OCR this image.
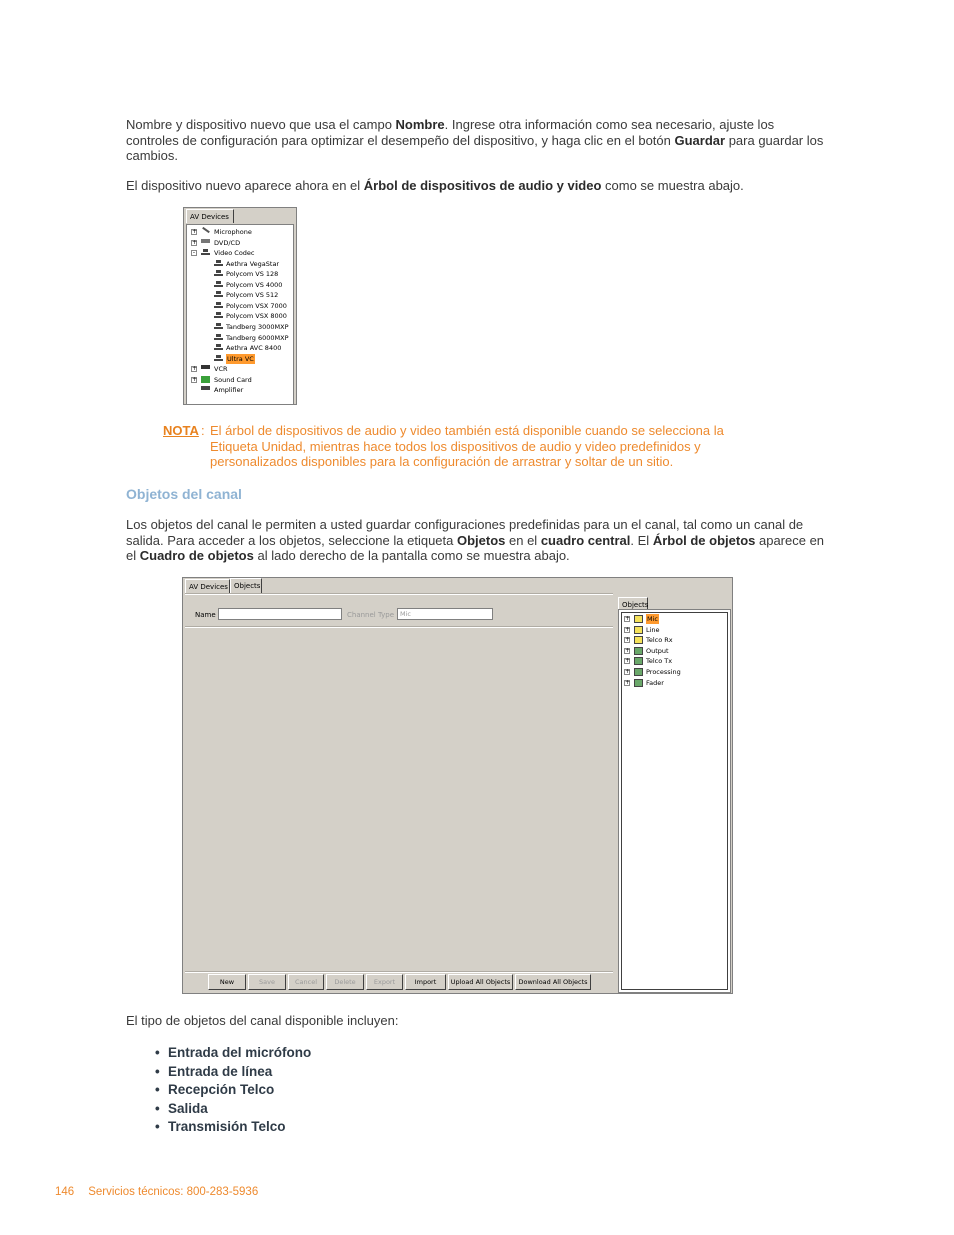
Nombre y dispositivo nuevo que usa el campo Nombre. Ingrese otra información como sea necesario, ajuste los controles de configuración para optimizar el desempeño del dispositivo, y haga clic en el botón Guardar para guardar los cambios.

El dispositivo nuevo aparece ahora en el Árbol de dispositivos de audio y video como se muestra abajo.

AV Devices
+	Microphone
+	DVD/CD
-	Video Codec
Aethra VegaStar
Polycom VS 128
Polycom VS 4000
Polycom VS 512
Polycom VSX 7000
Polycom VSX 8000
Tandberg 3000MXP
Tandberg 6000MXP
Aethra AVC 8400
Ultra VC
+	VCR
+	Sound Card
Amplifier
NOTA : El árbol de dispositivos de audio y video también está disponible cuando se selecciona la Etiqueta Unidad, mientras hace todos los dispositivos de audio y video predefinidos y personalizados disponibles para la configuración de arrastrar y soltar de un sitio.
Objetos del canal

Los objetos del canal le permiten a usted guardar configuraciones predefinidas para un el canal, tal como un canal de salida. Para acceder a los objetos, seleccione la etiqueta Objetos en el cuadro central. El Árbol de objetos aparece en el Cuadro de objetos al lado derecho de la pantalla como se muestra abajo.

AV Devices Objects
Name	Channel Type Mic
Objects
+	Mic
+ Line
+ Telco Rx
+ Output
+ Telco Tx
+ Processing
+ Fader
New	Save	Cancel	Delete	Export	Import	Upload All Objects	Download All Objects

El tipo de objetos del canal disponible incluyen:

• Entrada del micrófono
• Entrada de línea
• Recepción Telco
• Salida
• Transmisión Telco
146 Servicios técnicos: 800-283-5936
